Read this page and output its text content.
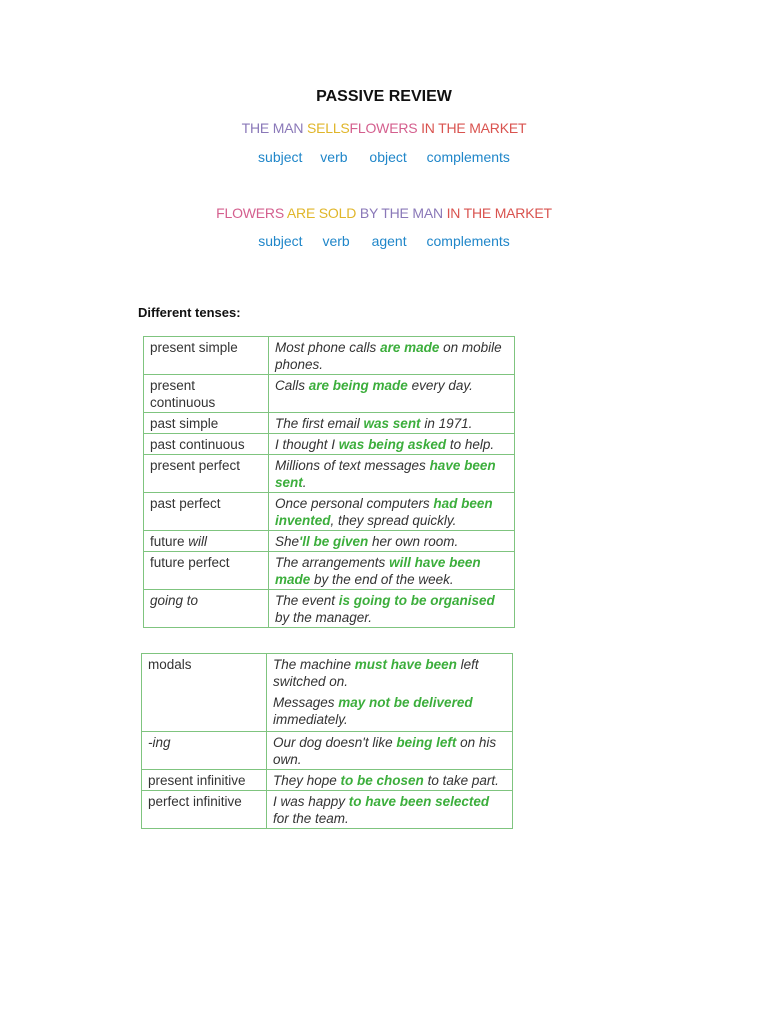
PASSIVE REVIEW
THE MAN SELLSFLOWERS IN THE MARKET
subject verb object complements
FLOWERS ARE SOLD BY THE MAN IN THE MARKET
subject verb agent complements
Different tenses:
present simple	Most phone calls are made on mobile phones.
present continuous	Calls are being made every day.
past simple	The first email was sent in 1971.
past continuous	I thought I was being asked to help.
present perfect	Millions of text messages have been sent.
past perfect	Once personal computers had been invented, they spread quickly.
future will	She'll be given her own room.
future perfect	The arrangements will have been made by the end of the week.
going to	The event is going to be organised by the manager.
modals	The machine must have been left switched on.
Messages may not be delivered immediately.

-ing	Our dog doesn't like being left on his own.
present infinitive	They hope to be chosen to take part.
perfect infinitive	I was happy to have been selected for the team.
